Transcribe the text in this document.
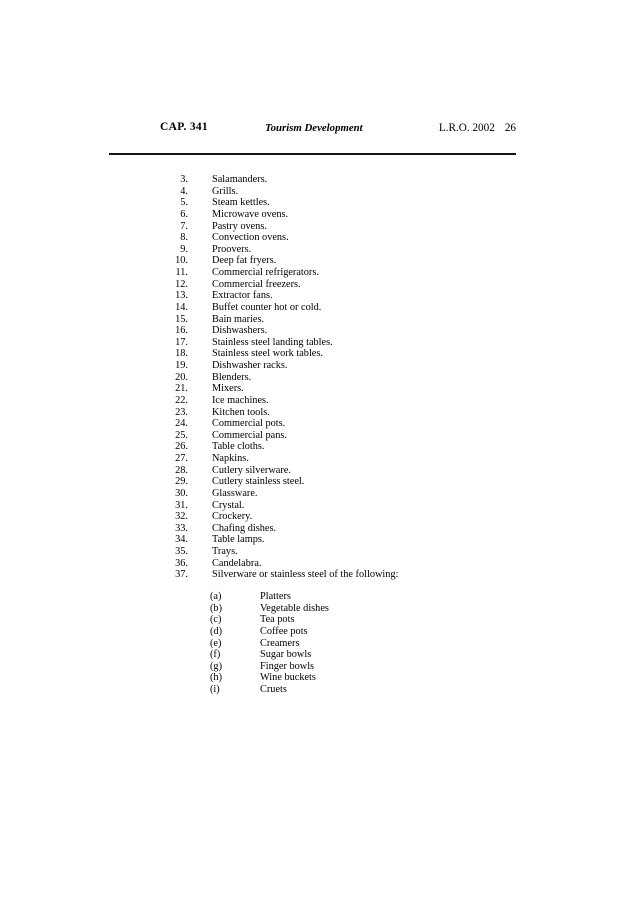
CAP. 341	Tourism Development	L.R.O. 2002 26
3. Salamanders.
4. Grills.
5. Steam kettles.
6. Microwave ovens.
7. Pastry ovens.
8. Convection ovens.
9. Proovers.
10. Deep fat fryers.
11. Commercial refrigerators.
12. Commercial freezers.
13. Extractor fans.
14. Buffet counter hot or cold.
15. Bain maries.
16. Dishwashers.
17. Stainless steel landing tables.
18. Stainless steel work tables.
19. Dishwasher racks.
20. Blenders.
21. Mixers.
22. Ice machines.
23. Kitchen tools.
24. Commercial pots.
25. Commercial pans.
26. Table cloths.
27. Napkins.
28. Cutlery silverware.
29. Cutlery stainless steel.
30. Glassware.
31. Crystal.
32. Crockery.
33. Chafing dishes.
34. Table lamps.
35. Trays.
36. Candelabra.
37. Silverware or stainless steel of the following:
(a)	Platters
(b)	Vegetable dishes
(c)	Tea pots
(d)	Coffee pots
(e)	Creamers
(f)	Sugar bowls
(g)	Finger bowls
(h)	Wine buckets
(i)	Cruets
